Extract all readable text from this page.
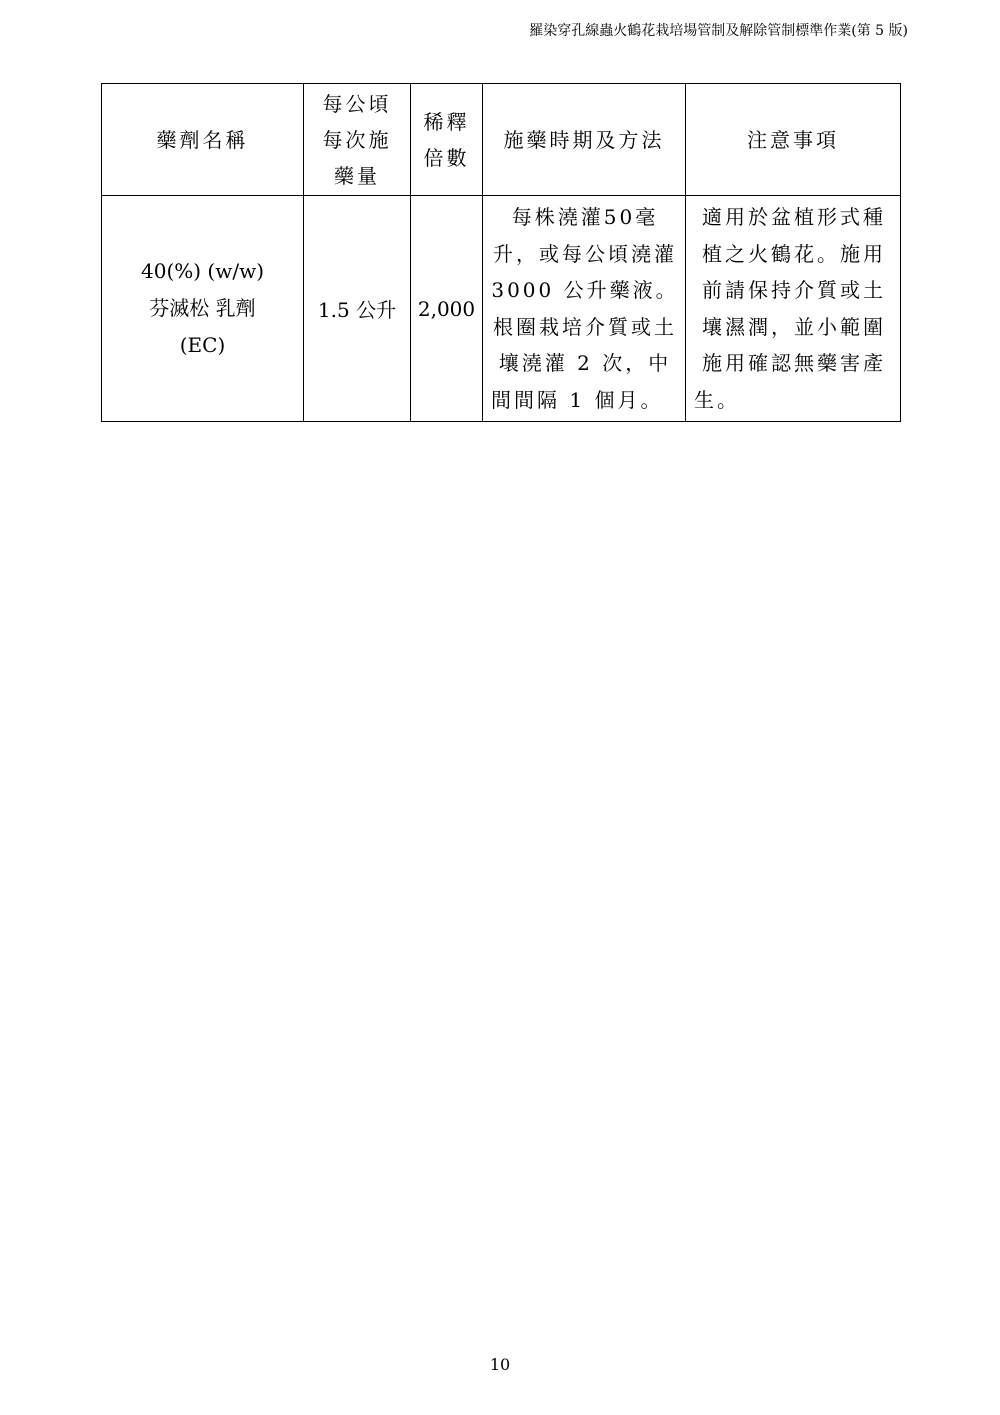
羅染穿孔線蟲火鶴花栽培場管制及解除管制標準作業(第 5 版)
藥劑名稱	每公頃
每次施
藥量	稀釋
倍數	施藥時期及方法	注意事項

40(%) (w/w)
芬滅松 乳劑
(EC)	1.5 公升	2,000	每株澆灌50毫升，或每公頃澆灌3000 公升藥液。根圈栽培介質或土壤澆灌 2 次，中間間隔 1 個月。	適用於盆植形式種植之火鶴花。施用前請保持介質或土壤濕潤，並小範圍施用確認無藥害產生。
10
